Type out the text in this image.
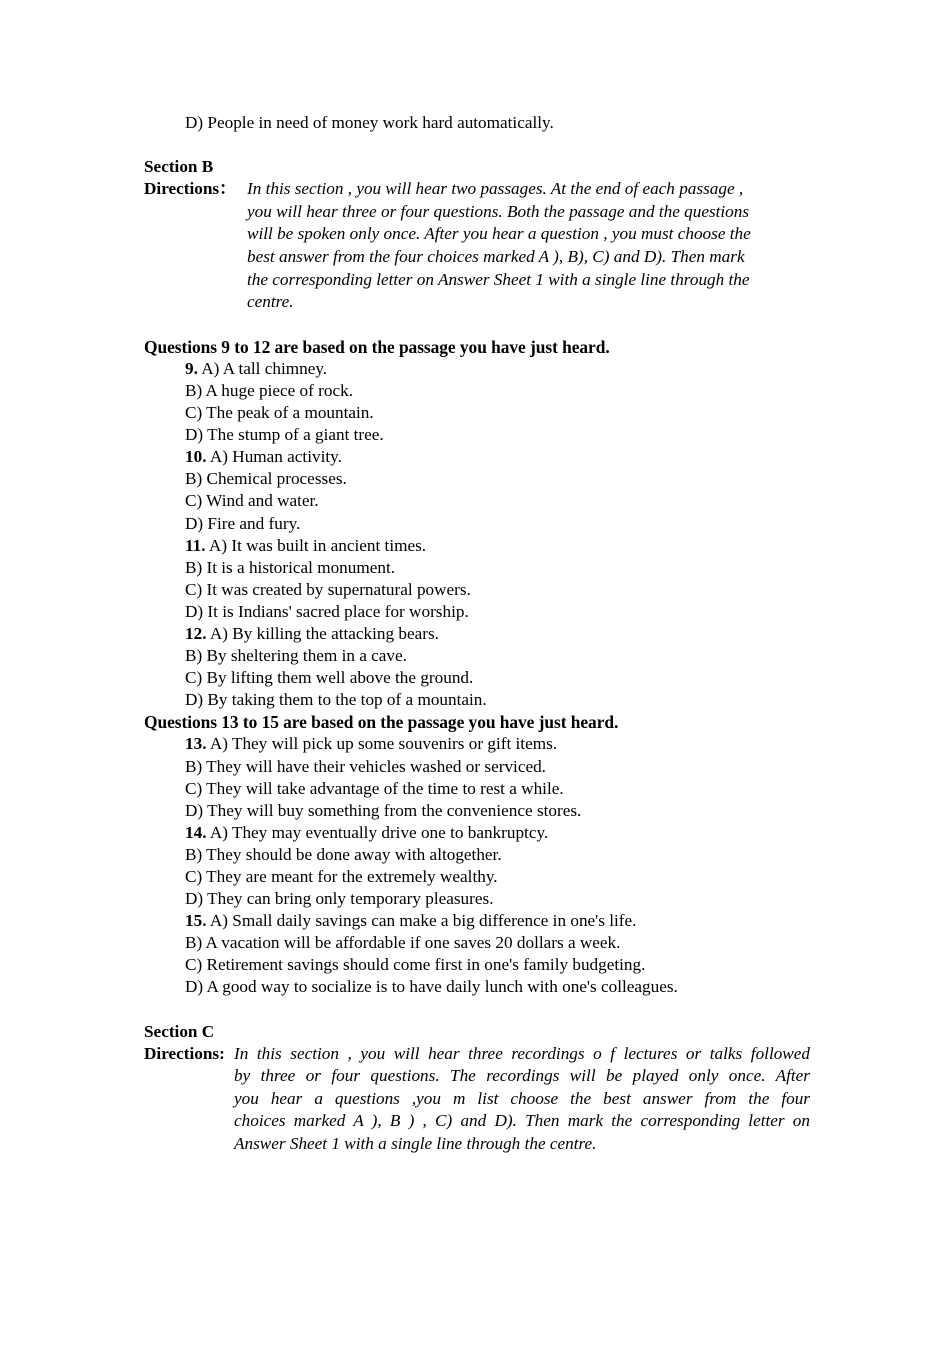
D) People in need of money work hard automatically.
Section B
Directions： In this section , you will hear two passages. At the end of each passage ,
you will hear three or four questions. Both the passage and the questions
will be spoken only once. After you hear a question , you must choose the
best answer from the four choices marked A ), B), C) and D). Then mark
the corresponding letter on Answer Sheet 1 with a single line through the
centre.
Questions 9 to 12 are based on the passage you have just heard.
9. A) A tall chimney.
B) A huge piece of rock.
C) The peak of a mountain.
D) The stump of a giant tree.
10. A) Human activity.
B) Chemical processes.
C) Wind and water.
D) Fire and fury.
11. A) It was built in ancient times.
B) It is a historical monument.
C) It was created by supernatural powers.
D) It is Indians' sacred place for worship.
12. A) By killing the attacking bears.
B) By sheltering them in a cave.
C) By lifting them well above the ground.
D) By taking them to the top of a mountain.
Questions 13 to 15 are based on the passage you have just heard.
13. A) They will pick up some souvenirs or gift items.
B) They will have their vehicles washed or serviced.
C) They will take advantage of the time to rest a while.
D) They will buy something from the convenience stores.
14. A) They may eventually drive one to bankruptcy.
B) They should be done away with altogether.
C) They are meant for the extremely wealthy.
D) They can bring only temporary pleasures.
15. A) Small daily savings can make a big difference in one's life.
B) A vacation will be affordable if one saves 20 dollars a week.
C) Retirement savings should come first in one's family budgeting.
D) A good way to socialize is to have daily lunch with one's colleagues.
Section C
Directions: In this section , you will hear three recordings o f lectures or talks followed
by three or four questions. The recordings will be played only once. After
you hear a questions ,you m list choose the best answer from the four
choices marked A ), B ) , C) and D). Then mark the corresponding letter on
Answer Sheet 1 with a single line through the centre.
